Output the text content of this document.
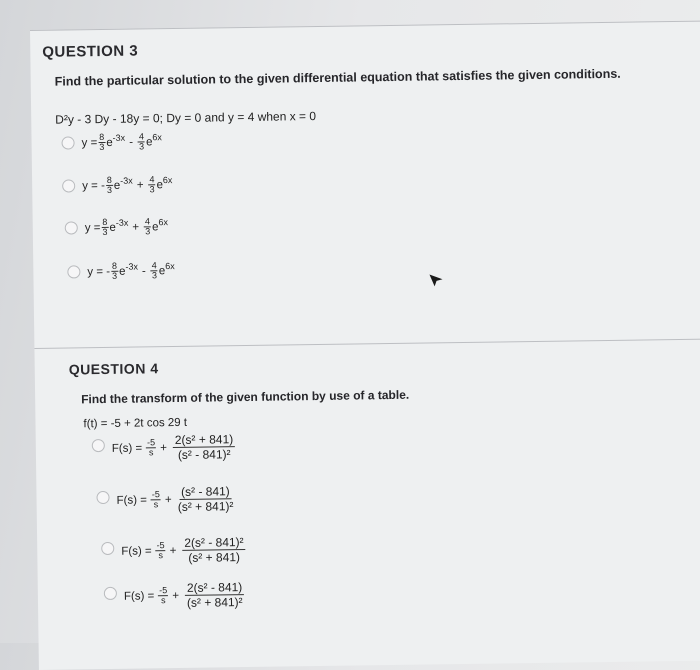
QUESTION 3
Find the particular solution to the given differential equation that satisfies the given conditions.
D²y - 3 Dy - 18y = 0; Dy = 0 and y = 4 when x = 0
$y = \frac{8}{3}$ e $-3x - \frac{4}{3}$ e 6x
y = - $\frac{8}{3}$ e $-3x + \frac{4}{3}$ e 6x
$y = \frac{8}{3}$ e $-3x + \frac{4}{3}$ e 6x
y = - $\frac{8}{3}$ e $-3x - \frac{4}{3}$ e 6x
QUESTION 4
Find the transform of the given function by use of a table.
f(t) = -5 + 2t cos 29 t
$F(s) = \frac{-5}{s} + \frac{\text{2(s² + 841)}}{\text{(s² - 841)²}}$
$F(s) = \frac{-5}{s} + \frac{\text{(s² - 841)}}{\text{(s² + 841)²}}$
$F(s) = \frac{-5}{s} + \frac{\text{2(s² - 841)²}}{\text{(s² + 841)}}$
$F(s) = \frac{-5}{s} + \frac{\text{2(s² - 841)}}{\text{(s² + 841)²}}$
